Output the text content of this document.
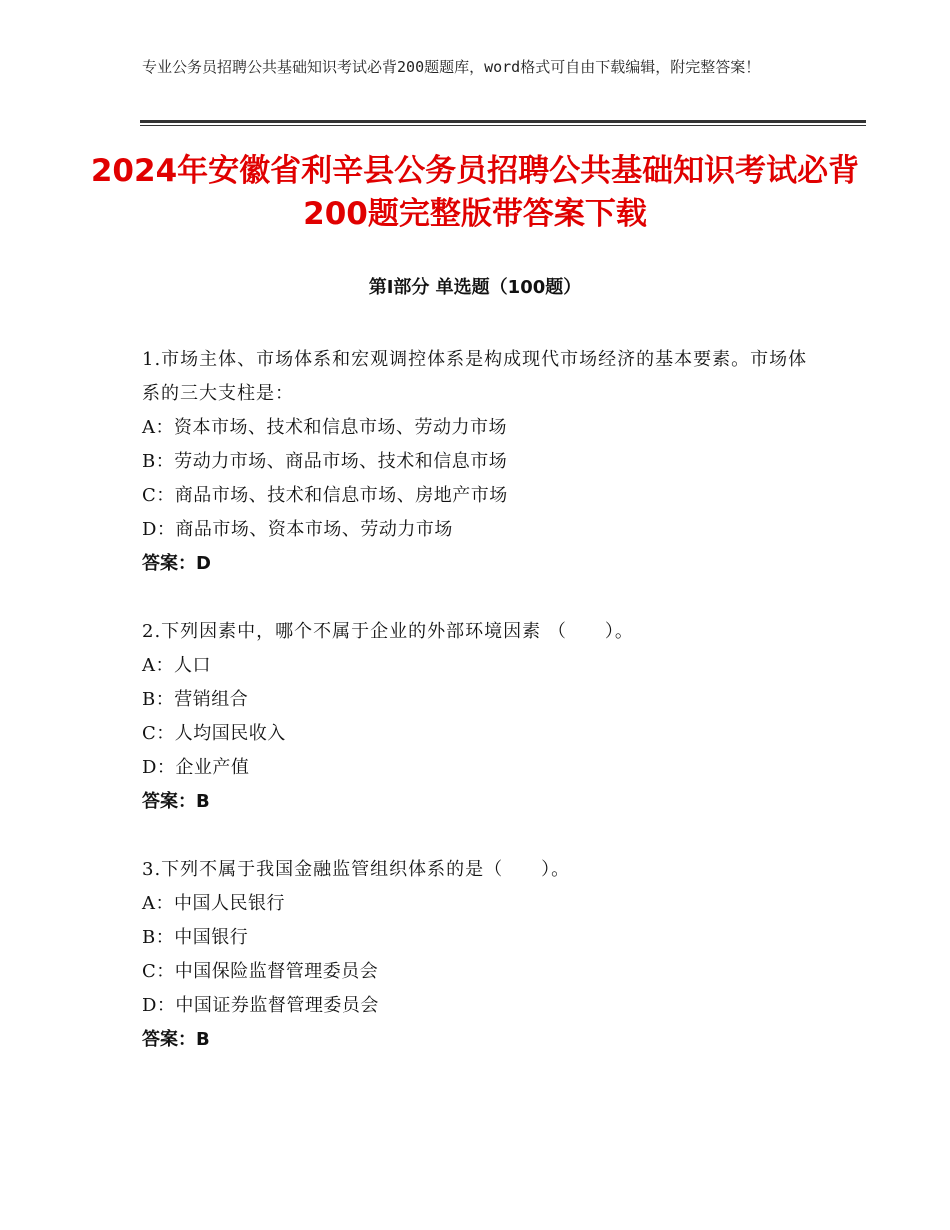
专业公务员招聘公共基础知识考试必背200题题库，word格式可自由下载编辑，附完整答案！
2024年安徽省利辛县公务员招聘公共基础知识考试必背200题完整版带答案下载
第Ⅰ部分 单选题（100题）
1.市场主体、市场体系和宏观调控体系是构成现代市场经济的基本要素。市场体系的三大支柱是：
A：资本市场、技术和信息市场、劳动力市场
B：劳动力市场、商品市场、技术和信息市场
C：商品市场、技术和信息市场、房地产市场
D：商品市场、资本市场、劳动力市场
答案：D
2.下列因素中，哪个不属于企业的外部环境因素 （　　）。
A：人口
B：营销组合
C：人均国民收入
D：企业产值
答案：B
3.下列不属于我国金融监管组织体系的是（　　）。
A：中国人民银行
B：中国银行
C：中国保险监督管理委员会
D：中国证券监督管理委员会
答案：B
